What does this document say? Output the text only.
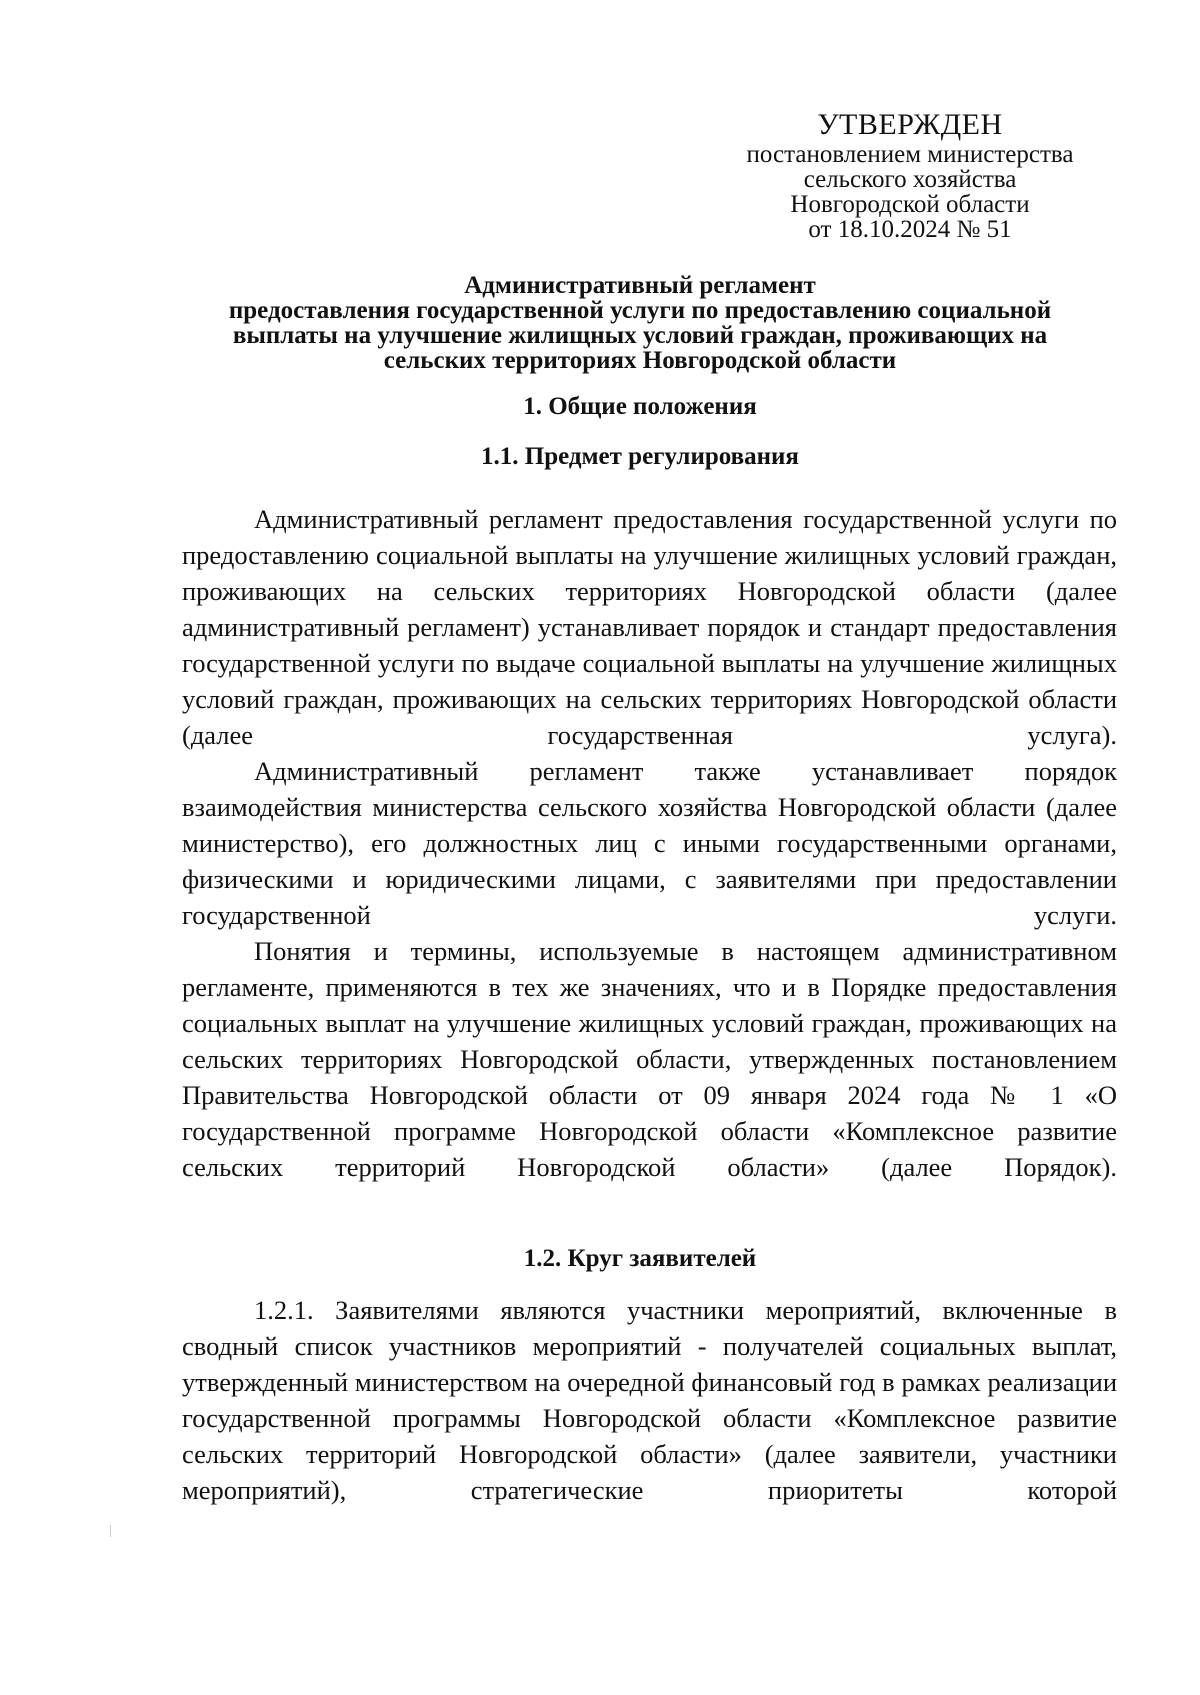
УТВЕРЖДЕН
постановлением министерства
сельского хозяйства
Новгородской области
от 18.10.2024 № 51
Административный регламент
предоставления государственной услуги по предоставлению социальной
выплаты на улучшение жилищных условий граждан, проживающих на
сельских территориях Новгородской области
1. Общие положения
1.1. Предмет регулирования

Административный регламент предоставления государственной услуги по предоставлению социальной выплаты на улучшение жилищных условий граждан, проживающих на сельских территориях Новгородской области (далее административный регламент) устанавливает порядок и стандарт предоставления государственной услуги по выдаче социальной выплаты на улучшение жилищных условий граждан, проживающих на сельских территориях Новгородской области (далее государственная услуга).

Административный регламент также устанавливает порядок взаимодействия министерства сельского хозяйства Новгородской области (далее министерство), его должностных лиц с иными государственными органами, физическими и юридическими лицами, с заявителями при предоставлении государственной услуги.

Понятия и термины, используемые в настоящем административном регламенте, применяются в тех же значениях, что и в Порядке предоставления социальных выплат на улучшение жилищных условий граждан, проживающих на сельских территориях Новгородской области, утвержденных постановлением Правительства Новгородской области от 09 января 2024 года № 1 «О государственной программе Новгородской области «Комплексное развитие сельских территорий Новгородской области» (далее Порядок).

1.2. Круг заявителей

1.2.1. Заявителями являются участники мероприятий, включенные в сводный список участников мероприятий - получателей социальных выплат, утвержденный министерством на очередной финансовый год в рамках реализации государственной программы Новгородской области «Комплексное развитие сельских территорий Новгородской области» (далее заявители, участники мероприятий), стратегические приоритеты которой
